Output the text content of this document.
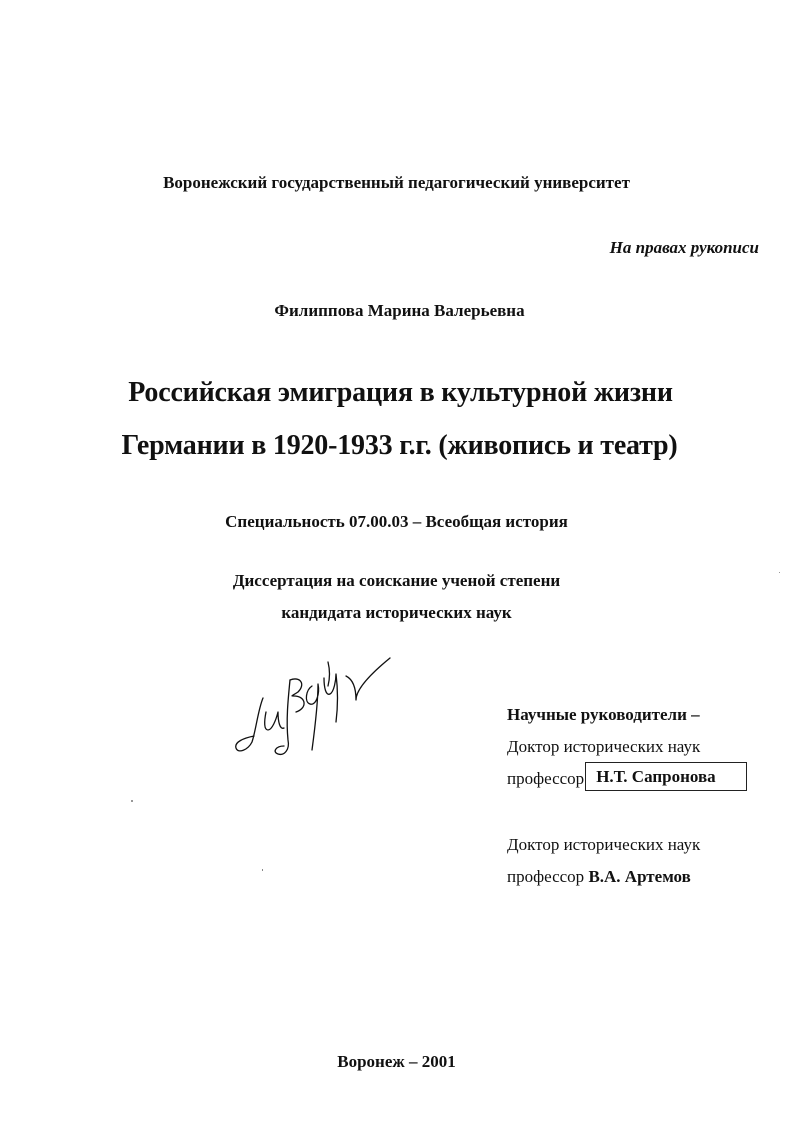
Воронежский государственный педагогический университет
На правах рукописи
Филиппова Марина Валерьевна
Российская эмиграция в культурной жизни
Германии в 1920-1933 г.г. (живопись и театр)
Специальность 07.00.03 – Всеобщая история
Диссертация на соискание ученой степени
кандидата исторических наук
Научные руководители –
Доктор исторических наук
профессор Н.Т. Сапронова
Доктор исторических наук
профессор В.А. Артемов
Воронеж – 2001
